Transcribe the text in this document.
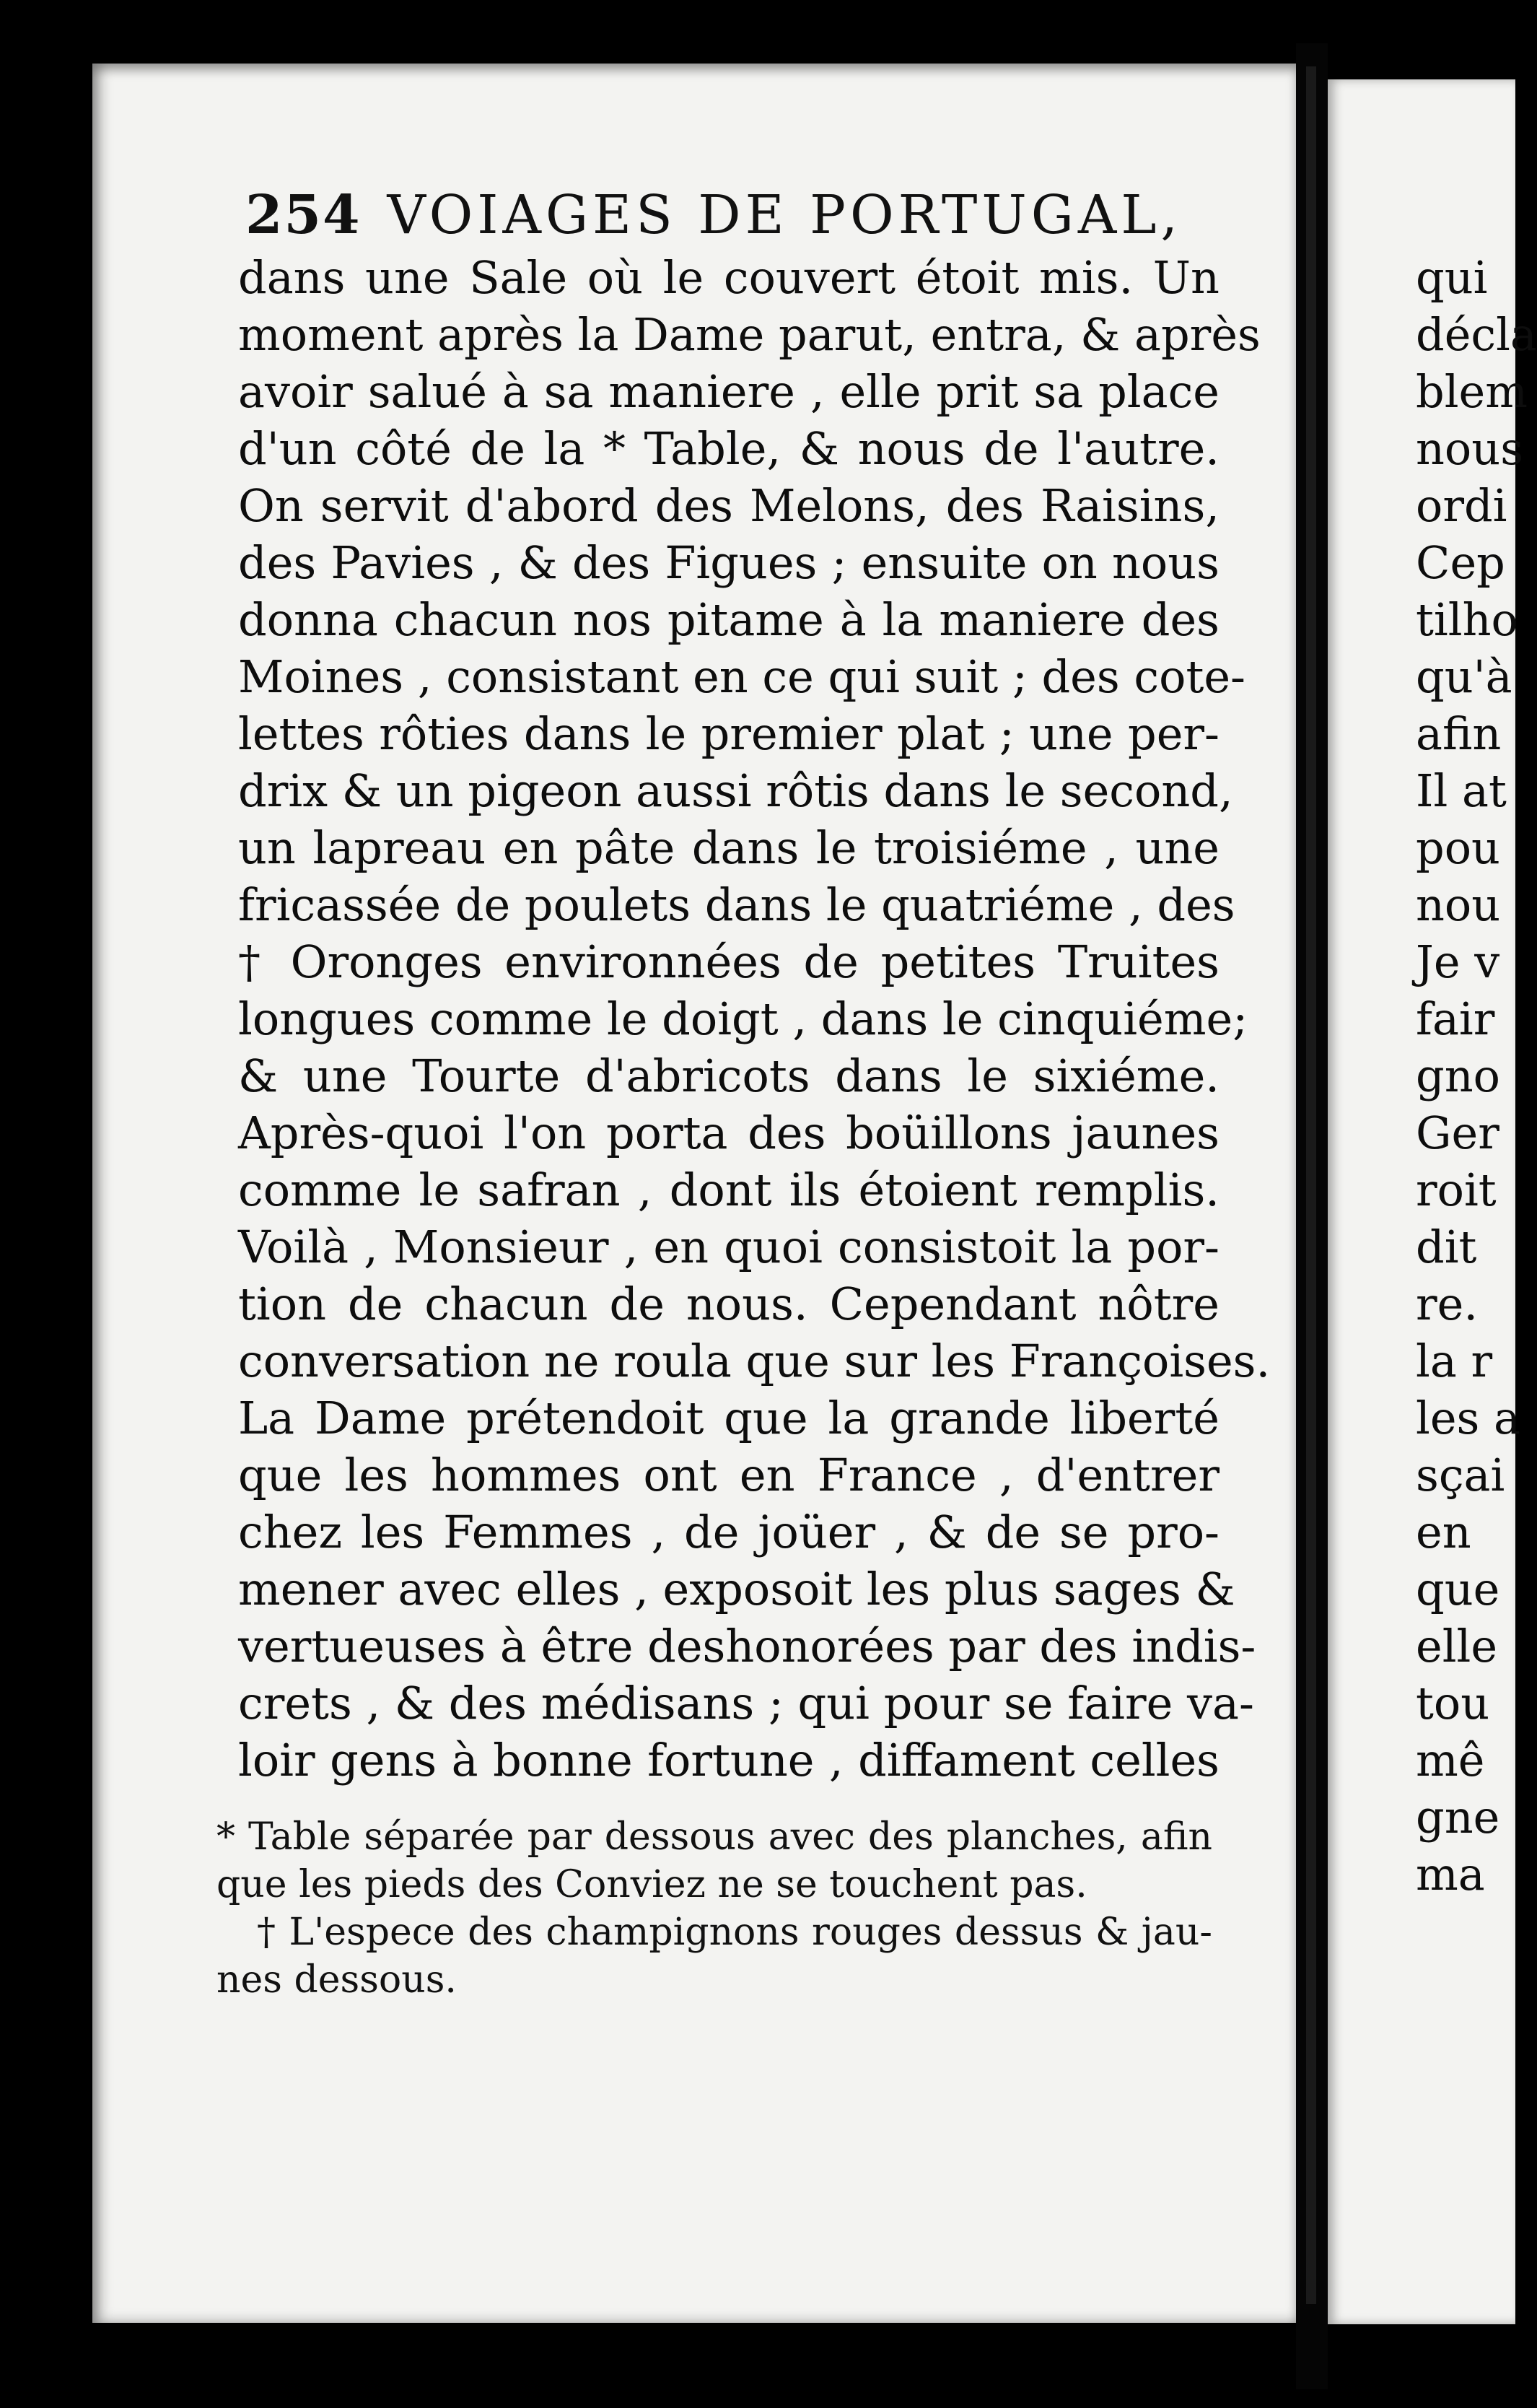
254 VOIAGES DE PORTUGAL,
dans une Sale où le couvert étoit mis. Un
moment après la Dame parut, entra, & après
avoir salué à sa maniere , elle prit sa place
d'un côté de la * Table, & nous de l'autre.
On servit d'abord des Melons, des Raisins,
des Pavies , & des Figues ; ensuite on nous
donna chacun nos pitame à la maniere des
Moines , consistant en ce qui suit ; des cote-
lettes rôties dans le premier plat ; une per-
drix & un pigeon aussi rôtis dans le second,
un lapreau en pâte dans le troisiéme , une
fricassée de poulets dans le quatriéme , des
† Oronges environnées de petites Truites
longues comme le doigt , dans le cinquiéme;
& une Tourte d'abricots dans le sixiéme.
Après-quoi l'on porta des boüillons jaunes
comme le safran , dont ils étoient remplis.
Voilà , Monsieur , en quoi consistoit la por-
tion de chacun de nous. Cependant nôtre
conversation ne roula que sur les Françoises.
La Dame prétendoit que la grande liberté
que les hommes ont en France , d'entrer
chez les Femmes , de joüer , & de se pro-
mener avec elles , exposoit les plus sages &
vertueuses à être deshonorées par des indis-
crets , & des médisans ; qui pour se faire va-
loir gens à bonne fortune , diffament celles
* Table séparée par dessous avec des planches, afin
que les pieds des Conviez ne se touchent pas.
† L'espece des champignons rouges dessus & jau-
nes dessous.
qui
décla
blem
nous
ordi
Cep
tilho
qu'à
afin
Il at
pou
nou
Je v
fair
gno
Ger
roit
dit
re.
la r
les a
sçai
en
que
elle
tou
mê
gne
ma
